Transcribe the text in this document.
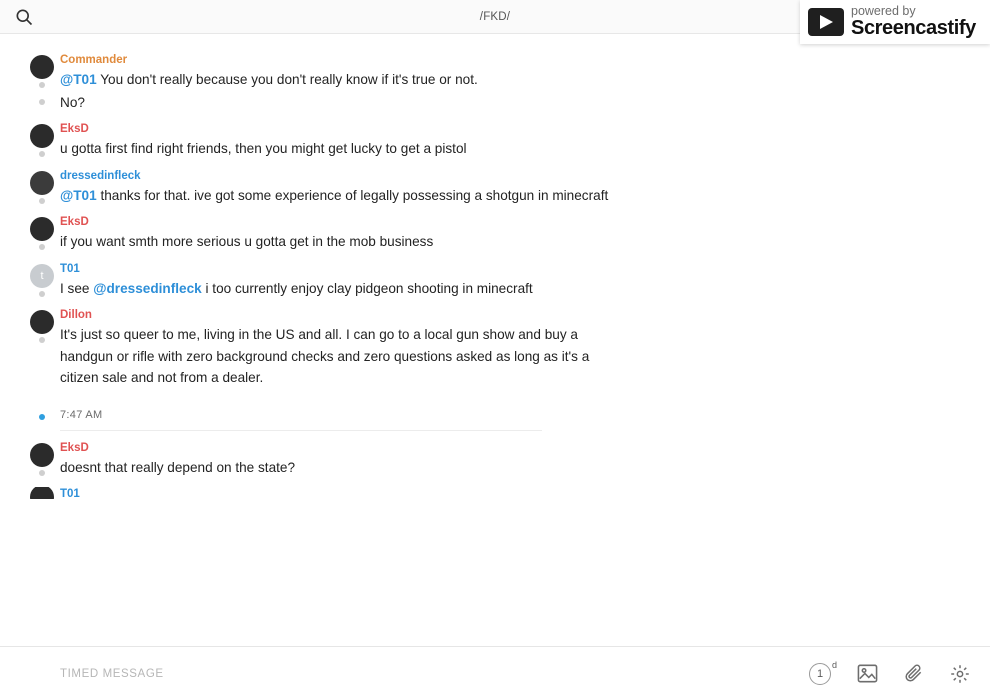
/FKD/	powered by
Screencastify
Commander
@T01 You don't really because you don't really know if it's true or not.
No?
EksD
u gotta first find right friends, then you might get lucky to get a pistol
dressedinfleck
@T01 thanks for that. ive got some experience of legally possessing a shotgun in minecraft
EksD
if you want smth more serious u gotta get in the mob business
t
T01
I see @dressedinfleck i too currently enjoy clay pidgeon shooting in minecraft
Dillon
It's just so queer to me, living in the US and all. I can go to a local gun show and buy a handgun or rifle with zero background checks and zero questions asked as long as it's a citizen sale and not from a dealer.
7:47 AM
EksD
doesnt that really depend on the state?
T01
TIMED MESSAGE	1
d
